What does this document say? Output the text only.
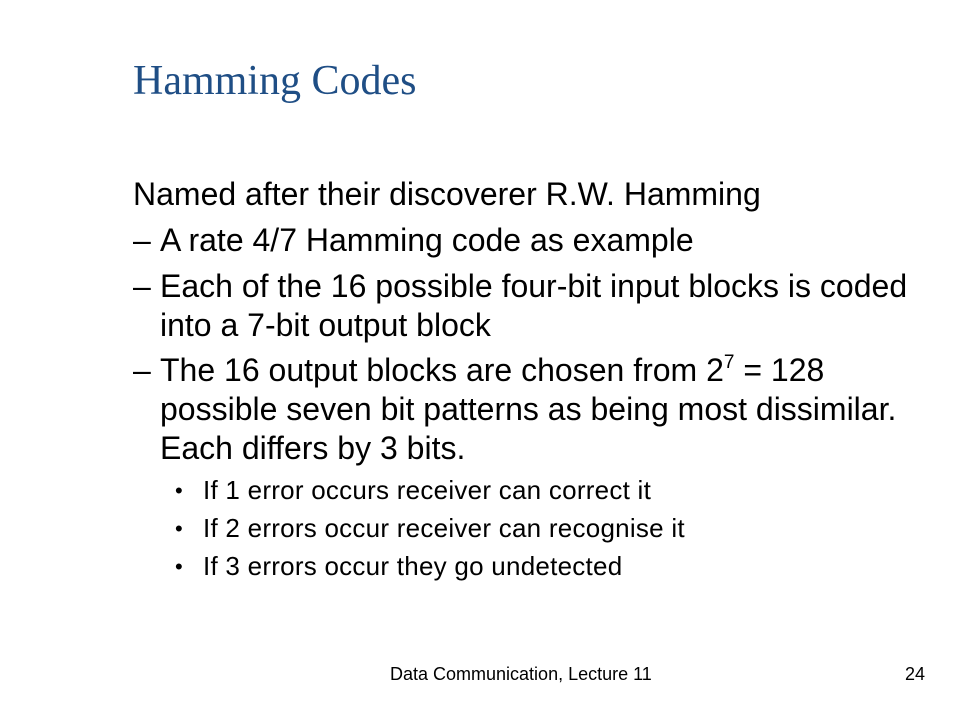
Hamming Codes
Named after their discoverer R.W. Hamming
– A rate 4/7 Hamming code as example
– Each of the 16 possible four-bit input blocks is coded
into a 7-bit output block
– The 16 output blocks are chosen from $2^7 = 128$
possible seven bit patterns as being most dissimilar.
Each differs by 3 bits.
• If 1 error occurs receiver can correct it
• If 2 errors occur receiver can recognise it
• If 3 errors occur they go undetected
Data Communication, Lecture 11	24
